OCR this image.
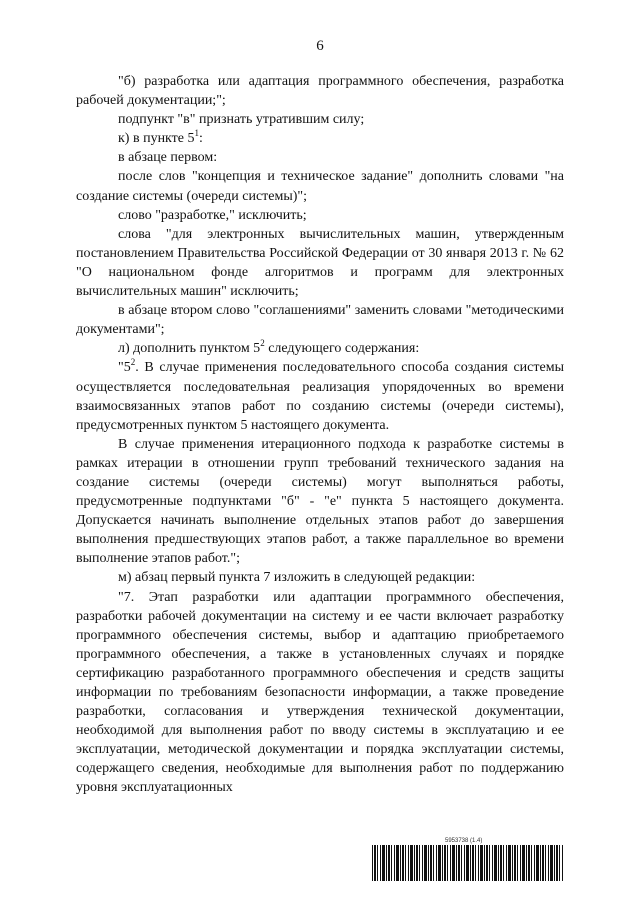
6

"б) разработка или адаптация программного обеспечения, разработка рабочей документации;";

подпункт "в" признать утратившим силу;

к) в пункте $5^1$:

в абзаце первом:

после слов "концепция и техническое задание" дополнить словами "на создание системы (очереди системы)";

слово "разработке," исключить;

слова "для электронных вычислительных машин, утвержденным постановлением Правительства Российской Федерации от 30 января 2013 г. № 62 "О национальном фонде алгоритмов и программ для электронных вычислительных машин" исключить;

в абзаце втором слово "соглашениями" заменить словами "методическими документами";

л) дополнить пунктом $5^2$ следующего содержания:

"$5^2$. В случае применения последовательного способа создания системы осуществляется последовательная реализация упорядоченных во времени взаимосвязанных этапов работ по созданию системы (очереди системы), предусмотренных пунктом 5 настоящего документа.

В случае применения итерационного подхода к разработке системы в рамках итерации в отношении групп требований технического задания на создание системы (очереди системы) могут выполняться работы, предусмотренные подпунктами "б" - "е" пункта 5 настоящего документа. Допускается начинать выполнение отдельных этапов работ до завершения выполнения предшествующих этапов работ, а также параллельное во времени выполнение этапов работ.";

м) абзац первый пункта 7 изложить в следующей редакции:

"7. Этап разработки или адаптации программного обеспечения, разработки рабочей документации на систему и ее части включает разработку программного обеспечения системы, выбор и адаптацию приобретаемого программного обеспечения, а также в установленных случаях и порядке сертификацию разработанного программного обеспечения и средств защиты информации по требованиям безопасности информации, а также проведение разработки, согласования и утверждения технической документации, необходимой для выполнения работ по вводу системы в эксплуатацию и ее эксплуатации, методической документации и порядка эксплуатации системы, содержащего сведения, необходимые для выполнения работ по поддержанию уровня эксплуатационных

5953738 (1.4)
